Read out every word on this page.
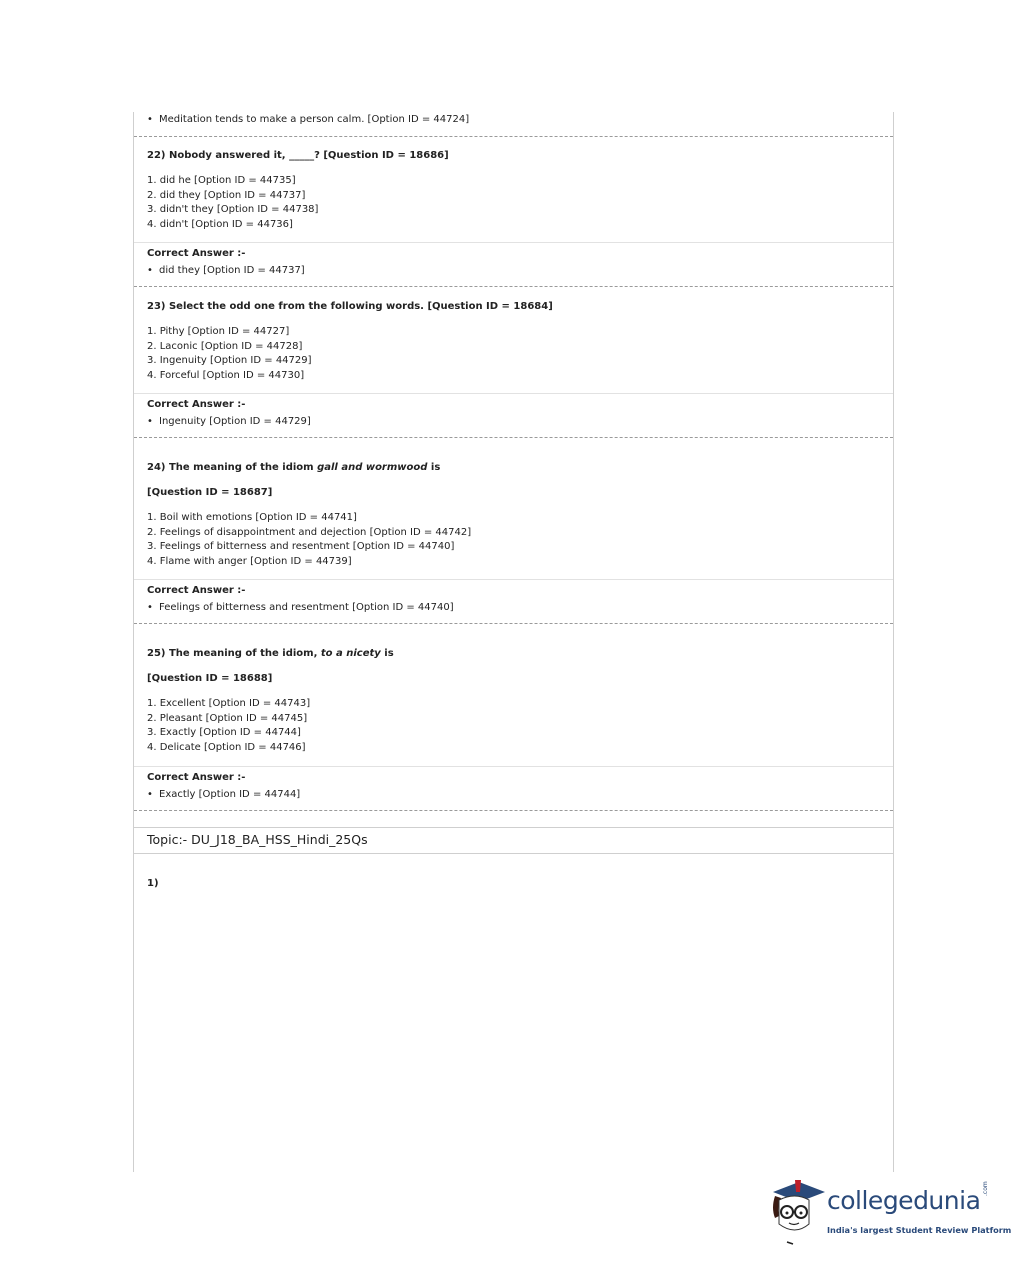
• Meditation tends to make a person calm. [Option ID = 44724]
22) Nobody answered it, _____? [Question ID = 18686]
1. did he [Option ID = 44735]
2. did they [Option ID = 44737]
3. didn't they [Option ID = 44738]
4. didn't [Option ID = 44736]
Correct Answer :-
• did they [Option ID = 44737]
23) Select the odd one from the following words. [Question ID = 18684]
1. Pithy [Option ID = 44727]
2. Laconic [Option ID = 44728]
3. Ingenuity [Option ID = 44729]
4. Forceful [Option ID = 44730]
Correct Answer :-
• Ingenuity [Option ID = 44729]
24) The meaning of the idiom gall and wormwood is
[Question ID = 18687]
1. Boil with emotions [Option ID = 44741]
2. Feelings of disappointment and dejection [Option ID = 44742]
3. Feelings of bitterness and resentment [Option ID = 44740]
4. Flame with anger [Option ID = 44739]
Correct Answer :-
• Feelings of bitterness and resentment [Option ID = 44740]
25) The meaning of the idiom, to a nicety is
[Question ID = 18688]
1. Excellent [Option ID = 44743]
2. Pleasant [Option ID = 44745]
3. Exactly [Option ID = 44744]
4. Delicate [Option ID = 44746]
Correct Answer :-
• Exactly [Option ID = 44744]
Topic:- DU_J18_BA_HSS_Hindi_25Qs
1)
collegedunia .com
India's largest Student Review Platform
